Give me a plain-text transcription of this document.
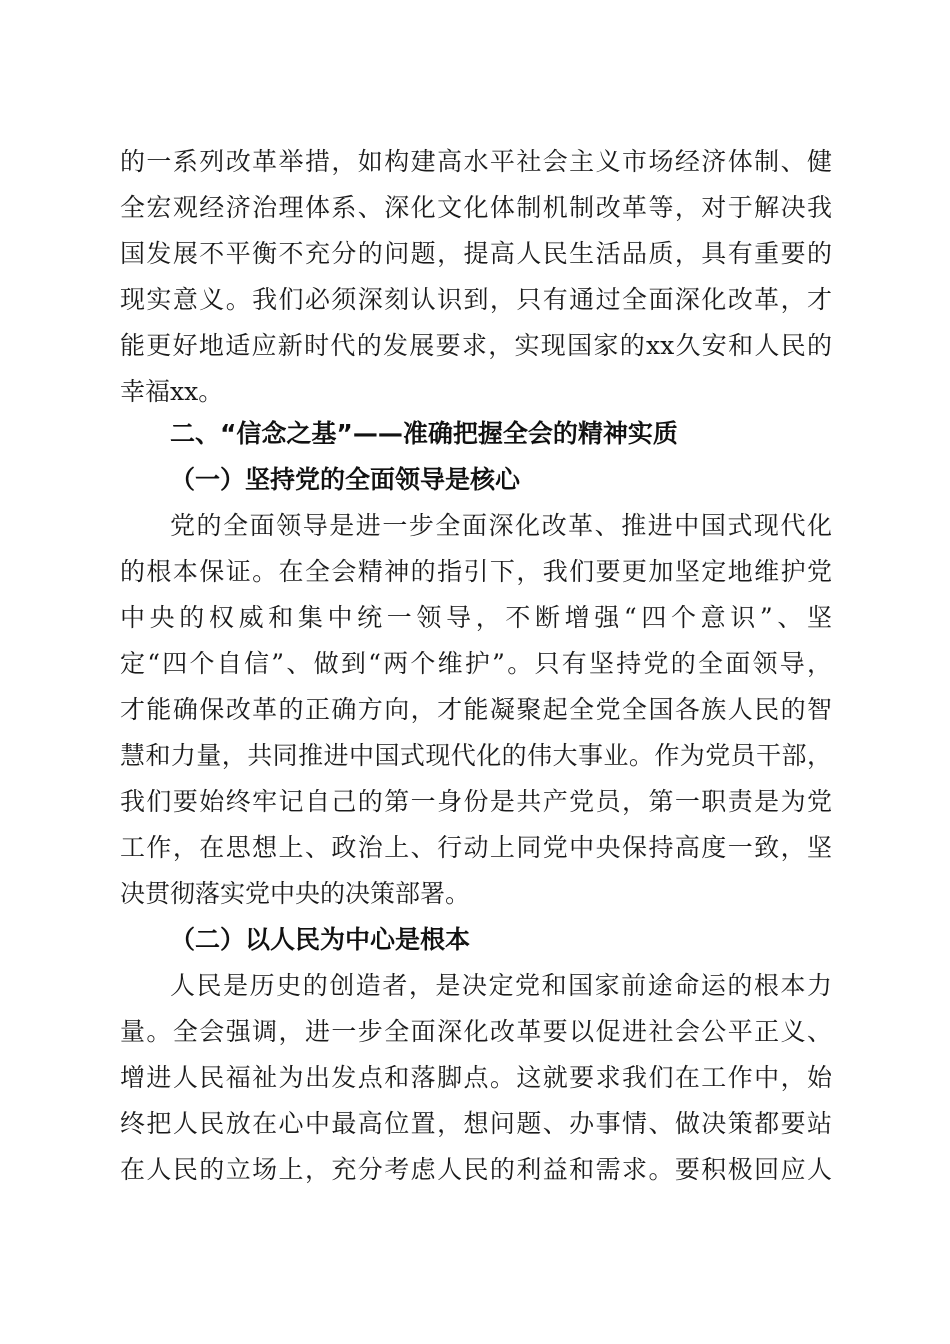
的一系列改革举措，如构建高水平社会主义市场经济体制、健
全宏观经济治理体系、深化文化体制机制改革等，对于解决我
国发展不平衡不充分的问题，提高人民生活品质，具有重要的
现实意义。我们必须深刻认识到，只有通过全面深化改革，才
能更好地适应新时代的发展要求，实现国家的xx久安和人民的
幸福xx。
二、“信念之基”——准确把握全会的精神实质
（一）坚持党的全面领导是核心
党的全面领导是进一步全面深化改革、推进中国式现代化
的根本保证。在全会精神的指引下，我们要更加坚定地维护党
中央的权威和集中统一领导，不断增强“四个意识”、坚
定“四个自信”、做到“两个维护”。只有坚持党的全面领导，
才能确保改革的正确方向，才能凝聚起全党全国各族人民的智
慧和力量，共同推进中国式现代化的伟大事业。作为党员干部，
我们要始终牢记自己的第一身份是共产党员，第一职责是为党
工作，在思想上、政治上、行动上同党中央保持高度一致，坚
决贯彻落实党中央的决策部署。
（二）以人民为中心是根本
人民是历史的创造者，是决定党和国家前途命运的根本力
量。全会强调，进一步全面深化改革要以促进社会公平正义、
增进人民福祉为出发点和落脚点。这就要求我们在工作中，始
终把人民放在心中最高位置，想问题、办事情、做决策都要站
在人民的立场上，充分考虑人民的利益和需求。要积极回应人
